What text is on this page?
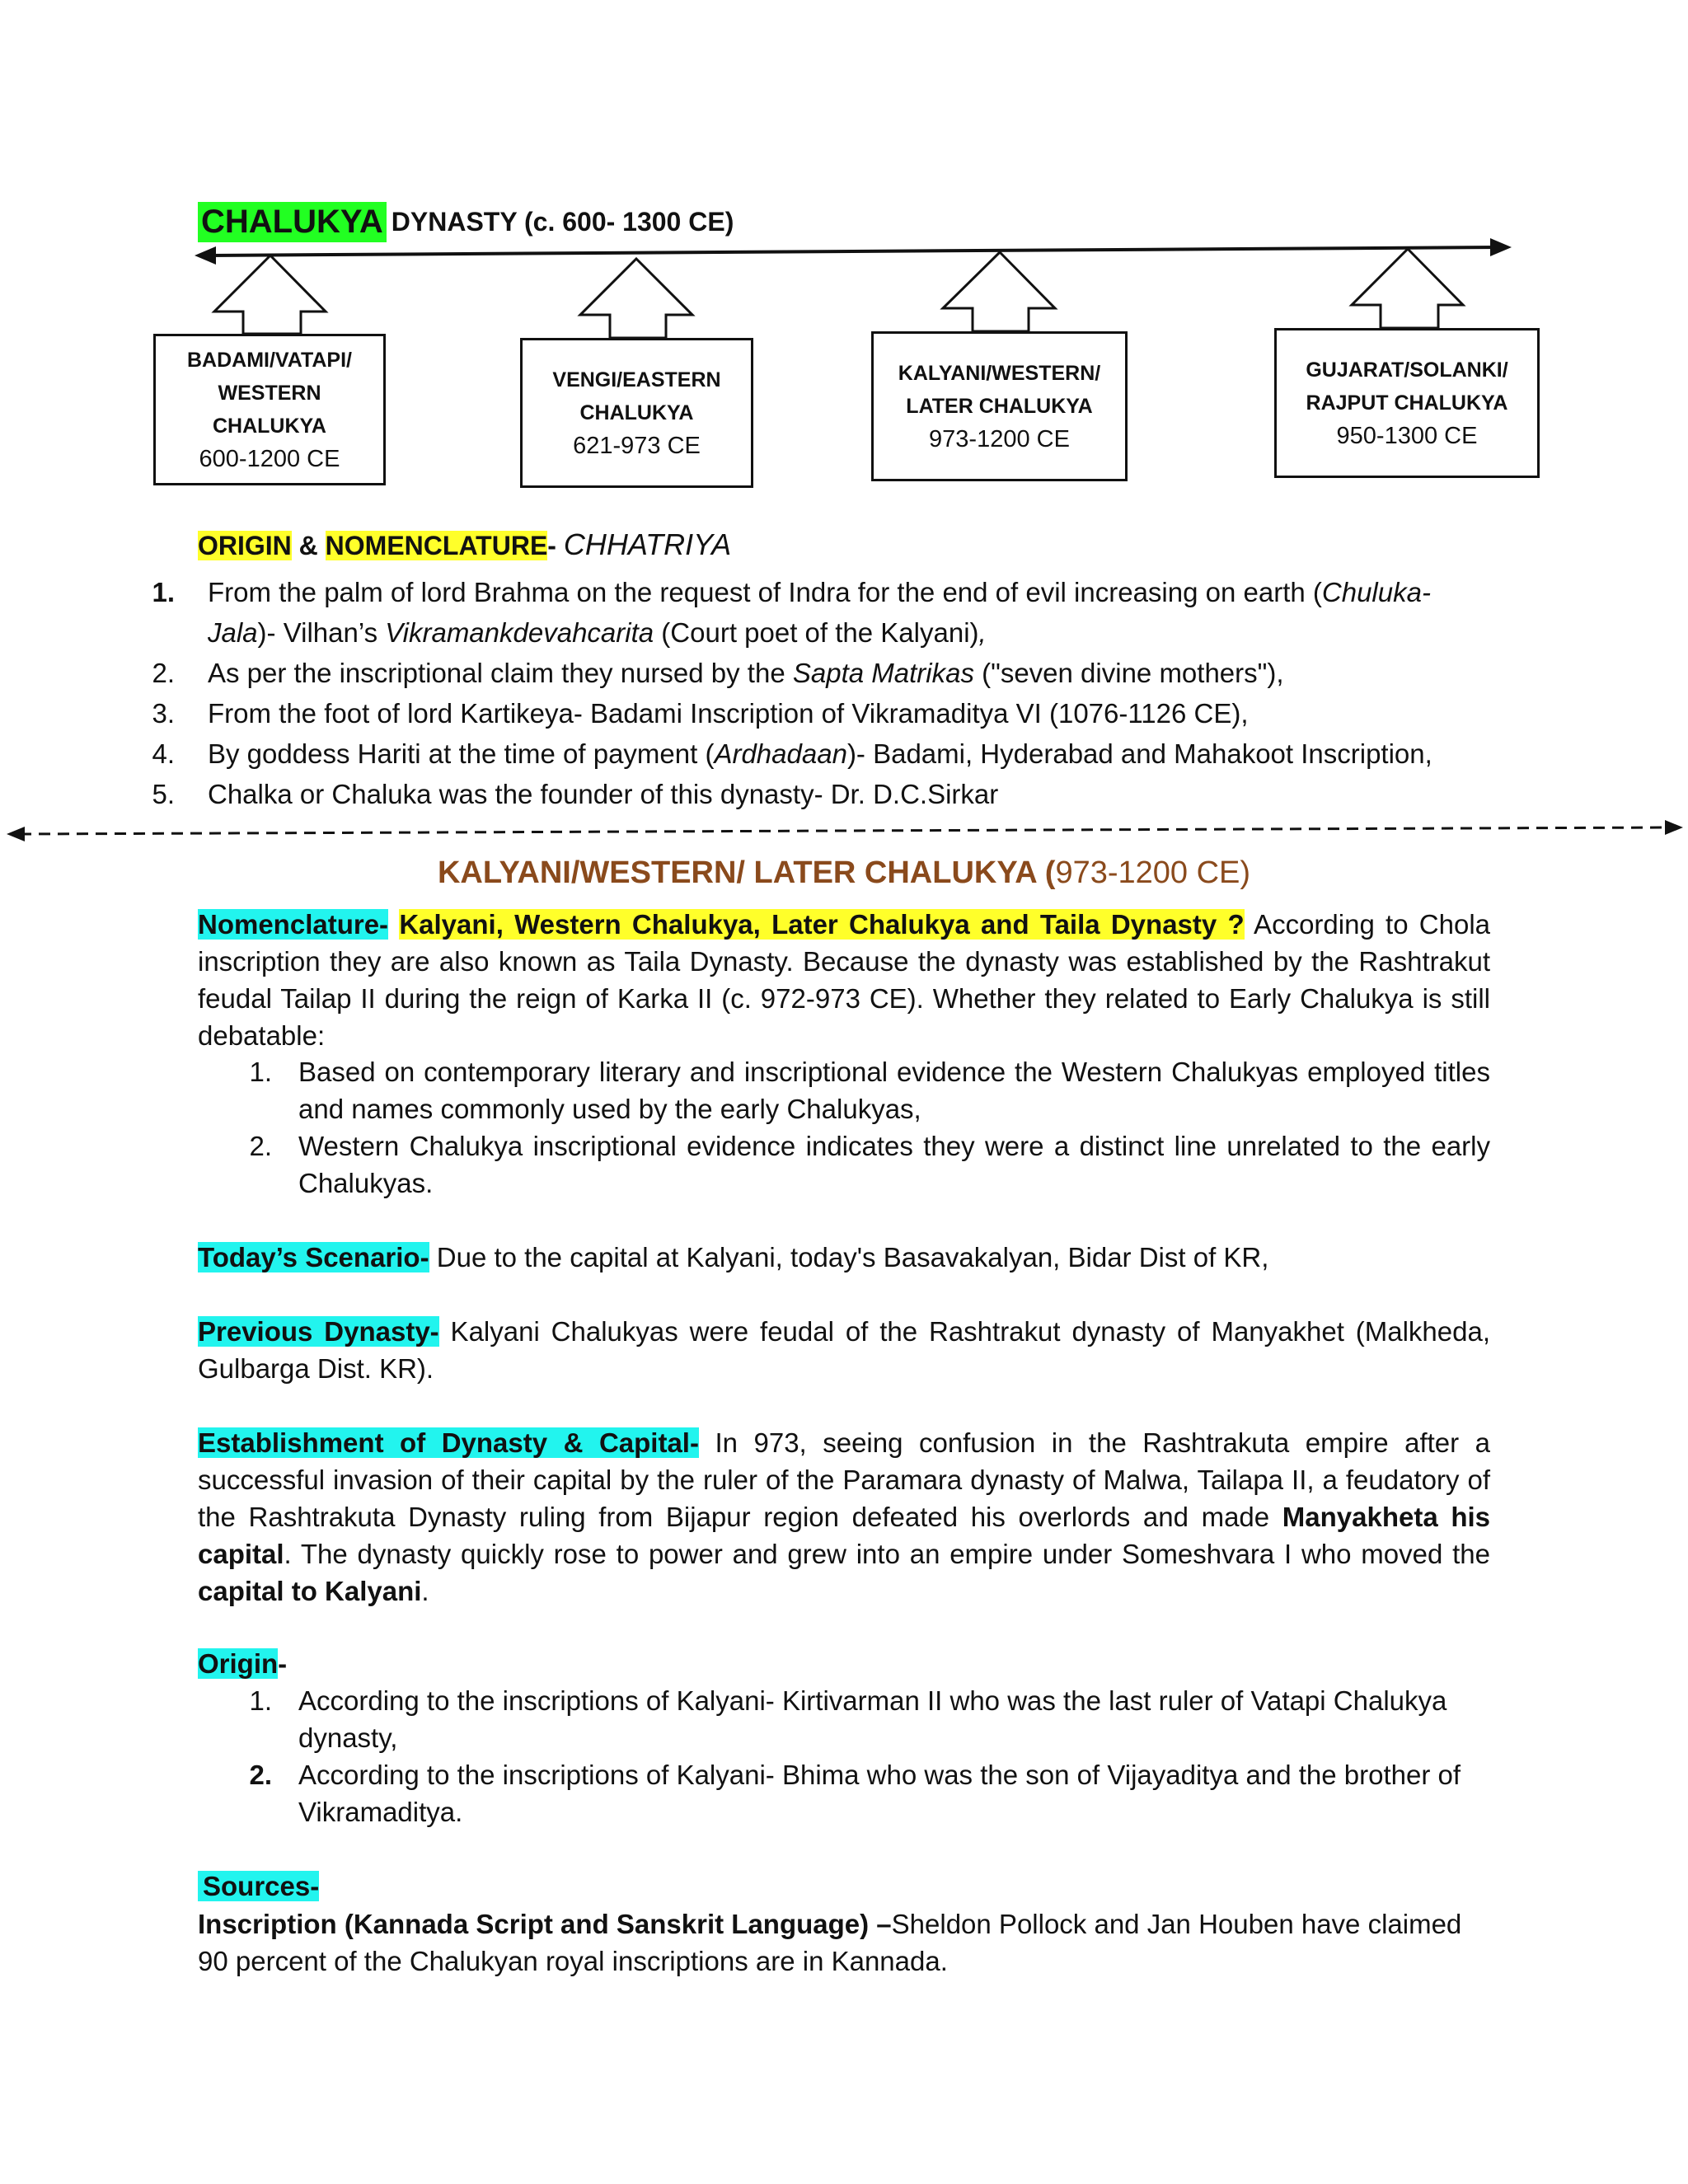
CHALUKYA DYNASTY (c. 600- 1300 CE)
BADAMI/VATAPI/
WESTERN
CHALUKYA
600-1200 CE
VENGI/EASTERN
CHALUKYA
621-973 CE
KALYANI/WESTERN/
LATER CHALUKYA
973-1200 CE
GUJARAT/SOLANKI/
RAJPUT CHALUKYA
950-1300 CE
ORIGIN & NOMENCLATURE- CHHATRIYA
1. From the palm of lord Brahma on the request of Indra for the end of evil increasing on earth (Chuluka-Jala)- Vilhan’s Vikramankdevahcarita (Court poet of the Kalyani),
2. As per the inscriptional claim they nursed by the Sapta Matrikas ("seven divine mothers"),
3. From the foot of lord Kartikeya- Badami Inscription of Vikramaditya VI (1076-1126 CE),
4. By goddess Hariti at the time of payment (Ardhadaan)- Badami, Hyderabad and Mahakoot Inscription,
5. Chalka or Chaluka was the founder of this dynasty- Dr. D.C.Sirkar
KALYANI/WESTERN/ LATER CHALUKYA (973-1200 CE)
Nomenclature- Kalyani, Western Chalukya, Later Chalukya and Taila Dynasty ? According to Chola inscription they are also known as Taila Dynasty. Because the dynasty was established by the Rashtrakut feudal Tailap II during the reign of Karka II (c. 972-973 CE). Whether they related to Early Chalukya is still debatable:
1. Based on contemporary literary and inscriptional evidence the Western Chalukyas employed titles and names commonly used by the early Chalukyas,
2. Western Chalukya inscriptional evidence indicates they were a distinct line unrelated to the early Chalukyas.
Today’s Scenario- Due to the capital at Kalyani, today's Basavakalyan, Bidar Dist of KR,
Previous Dynasty- Kalyani Chalukyas were feudal of the Rashtrakut dynasty of Manyakhet (Malkheda, Gulbarga Dist. KR).
Establishment of Dynasty & Capital- In 973, seeing confusion in the Rashtrakuta empire after a successful invasion of their capital by the ruler of the Paramara dynasty of Malwa, Tailapa II, a feudatory of the Rashtrakuta Dynasty ruling from Bijapur region defeated his overlords and made Manyakheta his capital. The dynasty quickly rose to power and grew into an empire under Someshvara I who moved the capital to Kalyani.
Origin-
1. According to the inscriptions of Kalyani- Kirtivarman II who was the last ruler of Vatapi Chalukya dynasty,
2. According to the inscriptions of Kalyani- Bhima who was the son of Vijayaditya and the brother of Vikramaditya.
Sources-
Inscription (Kannada Script and Sanskrit Language) –Sheldon Pollock and Jan Houben have claimed 90 percent of the Chalukyan royal inscriptions are in Kannada.
